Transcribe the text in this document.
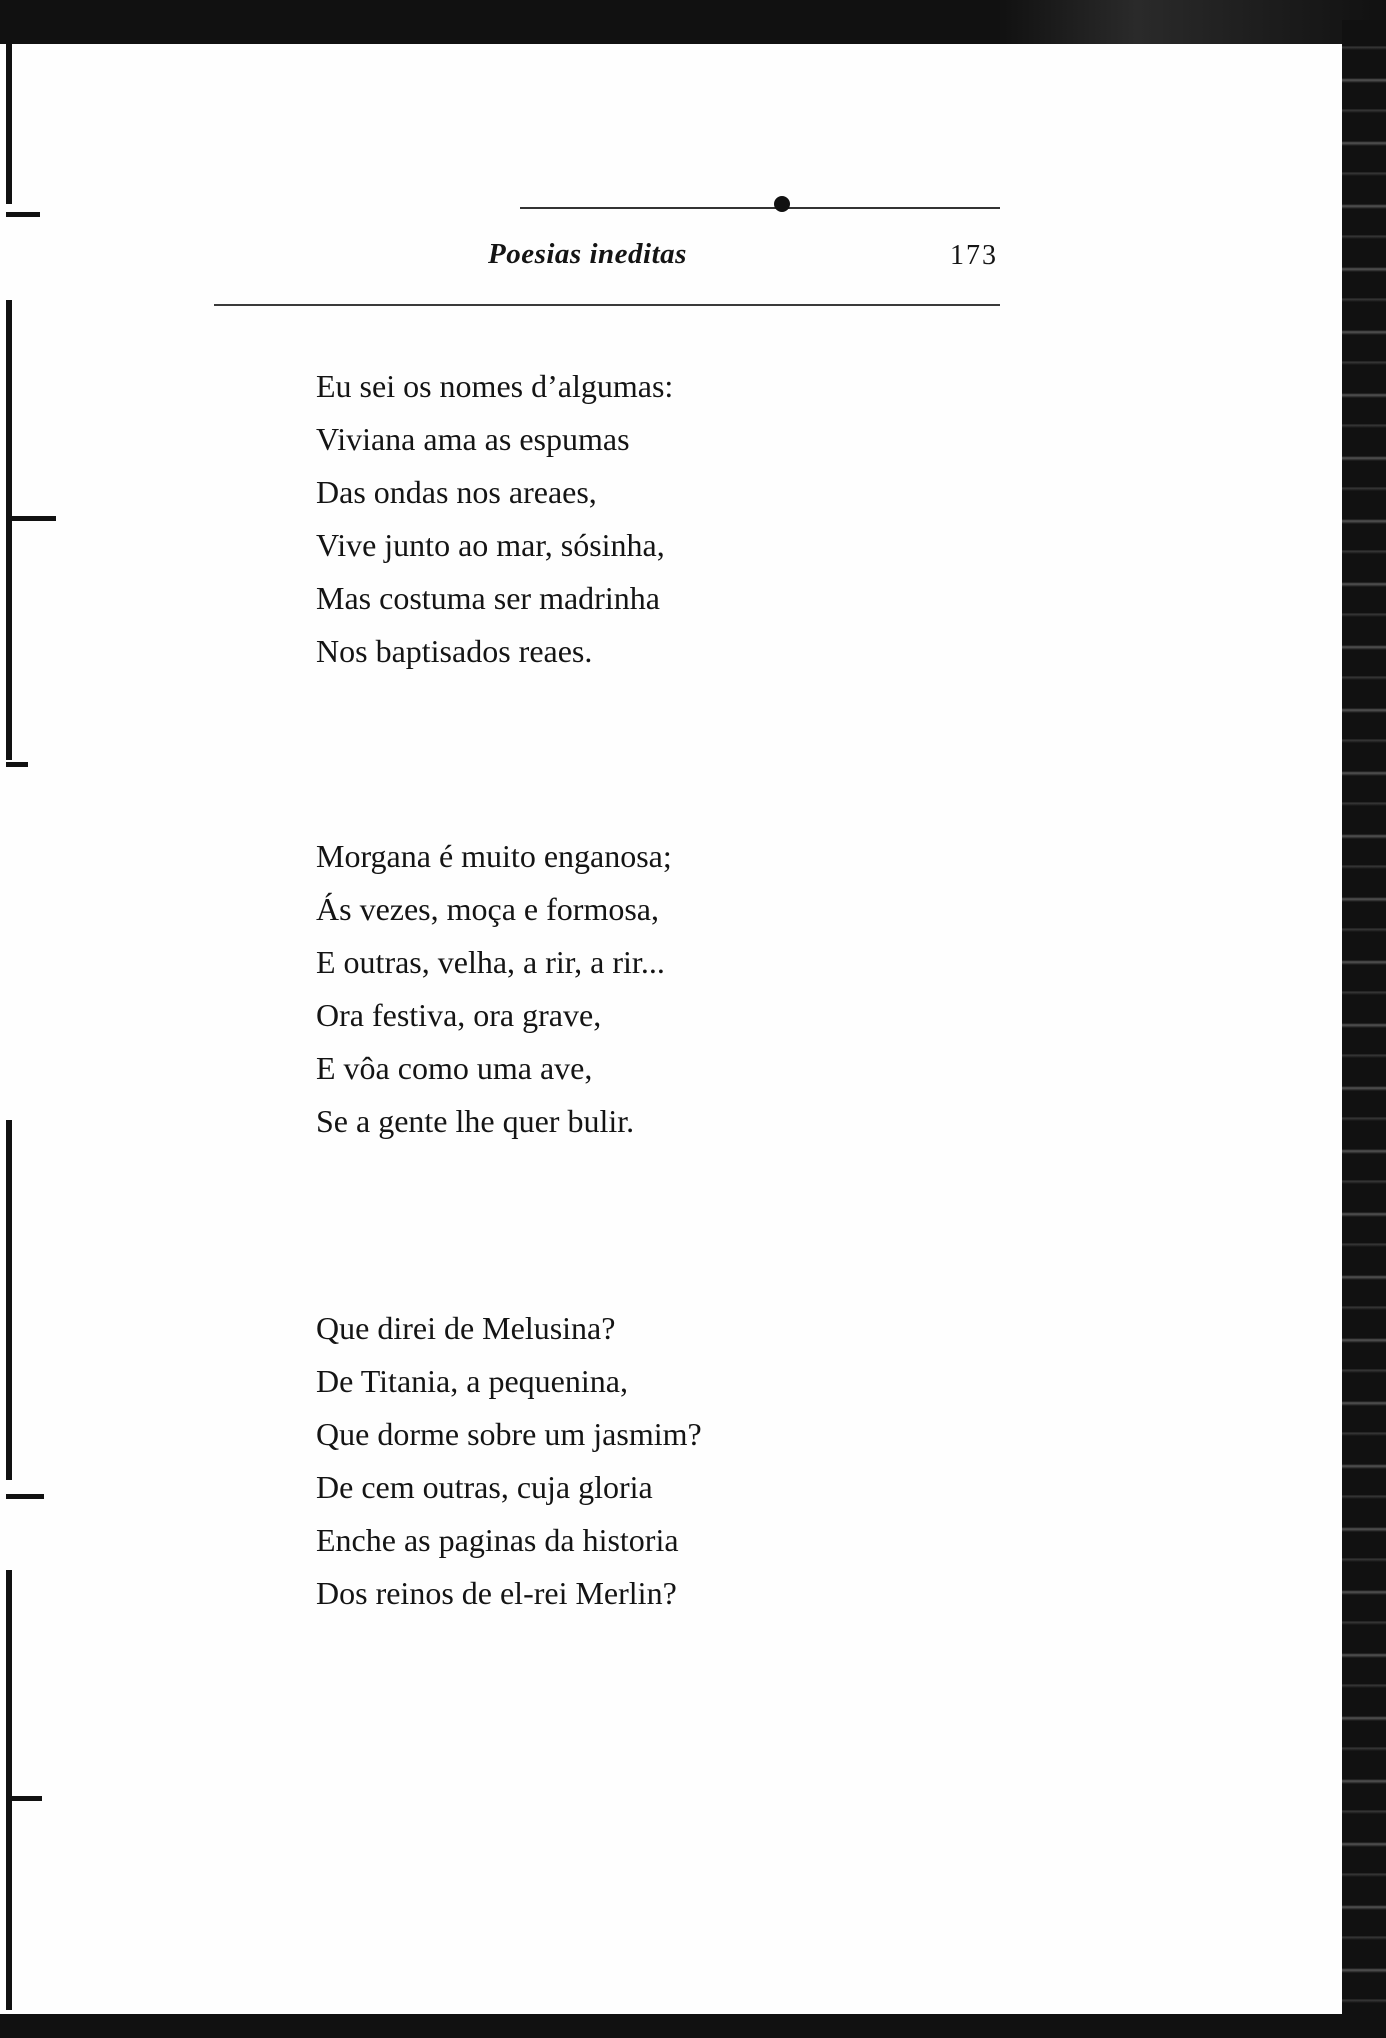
Poesias ineditas	173
Eu sei os nomes d’algumas:
Viviana ama as espumas
Das ondas nos areaes,
Vive junto ao mar, sósinha,
Mas costuma ser madrinha
Nos baptisados reaes.
Morgana é muito enganosa;
Ás vezes, moça e formosa,
E outras, velha, a rir, a rir...
Ora festiva, ora grave,
E vôa como uma ave,
Se a gente lhe quer bulir.
Que direi de Melusina?
De Titania, a pequenina,
Que dorme sobre um jasmim?
De cem outras, cuja gloria
Enche as paginas da historia
Dos reinos de el-rei Merlin?
